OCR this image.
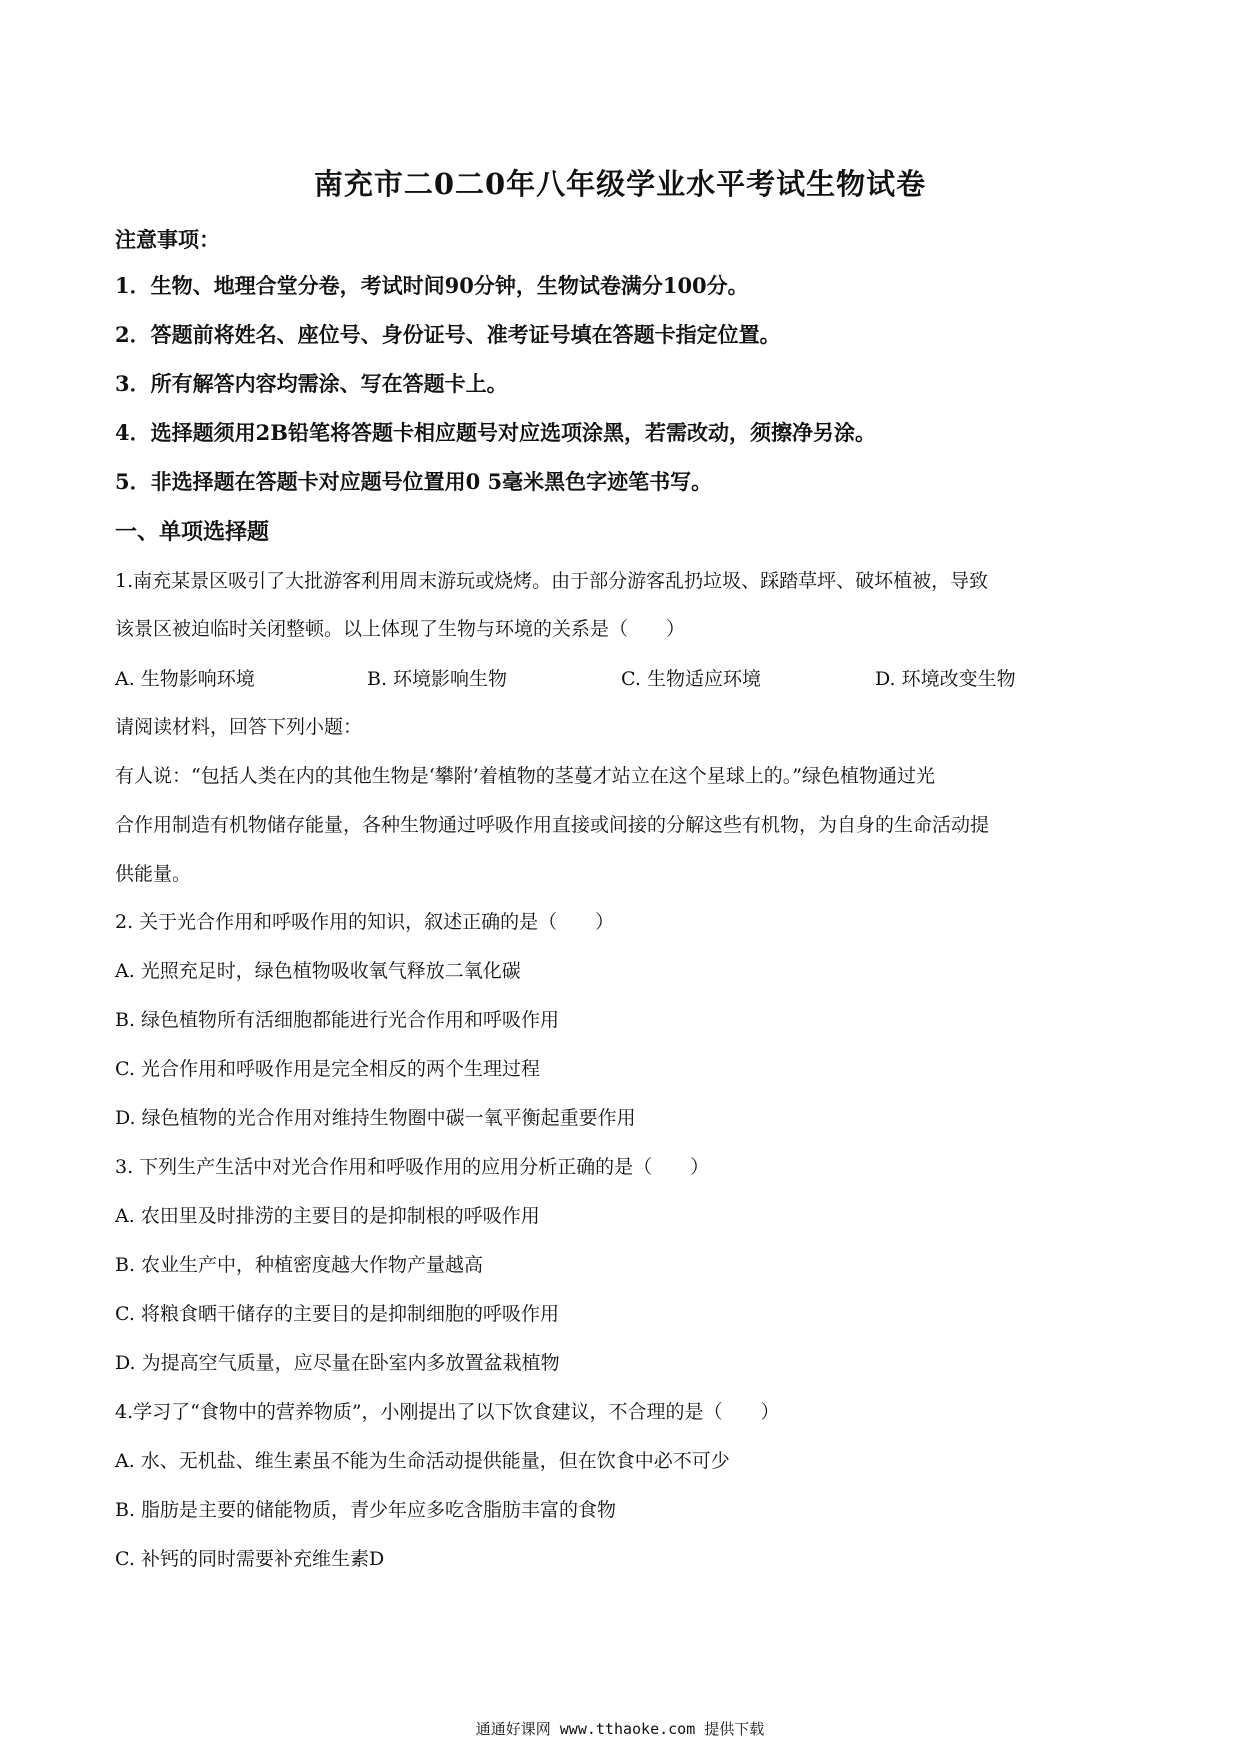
南充市二0二0年八年级学业水平考试生物试卷
注意事项：
1．生物、地理合堂分卷，考试时间90分钟，生物试卷满分100分。
2．答题前将姓名、座位号、身份证号、准考证号填在答题卡指定位置。
3．所有解答内容均需涂、写在答题卡上。
4．选择题须用2B铅笔将答题卡相应题号对应选项涂黑，若需改动，须擦净另涂。
5．非选择题在答题卡对应题号位置用0 5毫米黑色字迹笔书写。
一、单项选择题
1.南充某景区吸引了大批游客利用周末游玩或烧烤。由于部分游客乱扔垃圾、踩踏草坪、破坏植被，导致
该景区被迫临时关闭整顿。以上体现了生物与环境的关系是（　　）
A. 生物影响环境	B. 环境影响生物	C. 生物适应环境	D. 环境改变生物
请阅读材料，回答下列小题：
有人说：“包括人类在内的其他生物是‘攀附’着植物的茎蔓才站立在这个星球上的。”绿色植物通过光
合作用制造有机物储存能量，各种生物通过呼吸作用直接或间接的分解这些有机物，为自身的生命活动提
供能量。
2. 关于光合作用和呼吸作用的知识，叙述正确的是（　　）
A. 光照充足时，绿色植物吸收氧气释放二氧化碳
B. 绿色植物所有活细胞都能进行光合作用和呼吸作用
C. 光合作用和呼吸作用是完全相反的两个生理过程
D. 绿色植物的光合作用对维持生物圈中碳一氧平衡起重要作用
3. 下列生产生活中对光合作用和呼吸作用的应用分析正确的是（　　）
A. 农田里及时排涝的主要目的是抑制根的呼吸作用
B. 农业生产中，种植密度越大作物产量越高
C. 将粮食晒干储存的主要目的是抑制细胞的呼吸作用
D. 为提高空气质量，应尽量在卧室内多放置盆栽植物
4.学习了“食物中的营养物质”，小刚提出了以下饮食建议，不合理的是（　　）
A. 水、无机盐、维生素虽不能为生命活动提供能量，但在饮食中必不可少
B. 脂肪是主要的储能物质，青少年应多吃含脂肪丰富的食物
C. 补钙的同时需要补充维生素D
通通好课网 www.tthaoke.com 提供下载
